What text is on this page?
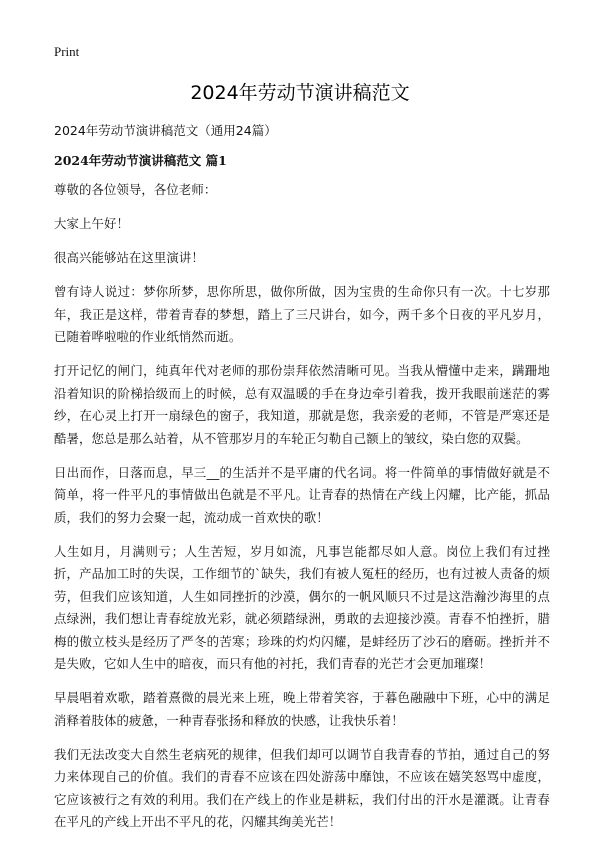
Print
2024年劳动节演讲稿范文
2024年劳动节演讲稿范文（通用24篇）
2024年劳动节演讲稿范文 篇1

尊敬的各位领导，各位老师：

大家上午好！

很高兴能够站在这里演讲！

曾有诗人说过：梦你所梦，思你所思，做你所做，因为宝贵的生命你只有一次。十七岁那年，我正是这样，带着青春的梦想，踏上了三尺讲台，如今，两千多个日夜的平凡岁月，已随着哗啦啦的作业纸悄然而逝。

打开记忆的闸门，纯真年代对老师的那份崇拜依然清晰可见。当我从懵懂中走来，蹒跚地沿着知识的阶梯拾级而上的时候，总有双温暖的手在身边牵引着我，拨开我眼前迷茫的雾纱，在心灵上打开一扇绿色的窗子，我知道，那就是您，我亲爱的老师，不管是严寒还是酷暑，您总是那么站着，从不管那岁月的车轮正匀勒自己额上的皱纹，染白您的双鬓。

日出而作，日落而息，早三__的生活并不是平庸的代名词。将一件简单的事情做好就是不简单，将一件平凡的事情做出色就是不平凡。让青春的热情在产线上闪耀，比产能，抓品质，我们的努力会聚一起，流动成一首欢快的歌！

人生如月，月满则亏；人生苦短，岁月如流，凡事岂能都尽如人意。岗位上我们有过挫折，产品加工时的失误，工作细节的`缺失，我们有被人冤枉的经历，也有过被人责备的烦劳，但我们应该知道，人生如同挫折的沙漠，偶尔的一帆风顺只不过是这浩瀚沙海里的点点绿洲，我们想让青春绽放光彩，就必须踏绿洲，勇敢的去迎接沙漠。青春不怕挫折，腊梅的傲立枝头是经历了严冬的苦寒；珍珠的灼灼闪耀，是蚌经历了沙石的磨砺。挫折并不是失败，它如人生中的暗夜，而只有他的衬托，我们青春的光芒才会更加璀璨！

早晨唱着欢歌，踏着熹微的晨光来上班，晚上带着笑容，于暮色融融中下班，心中的满足消释着肢体的疲惫，一种青春张扬和释放的快感，让我快乐着！

我们无法改变大自然生老病死的规律，但我们却可以调节自我青春的节拍，通过自己的努力来体现自己的价值。我们的青春不应该在四处游荡中靡蚀，不应该在嬉笑怒骂中虚度，它应该被行之有效的利用。我们在产线上的作业是耕耘，我们付出的汗水是灌溉。让青春在平凡的产线上开出不平凡的花，闪耀其绚美光芒！
